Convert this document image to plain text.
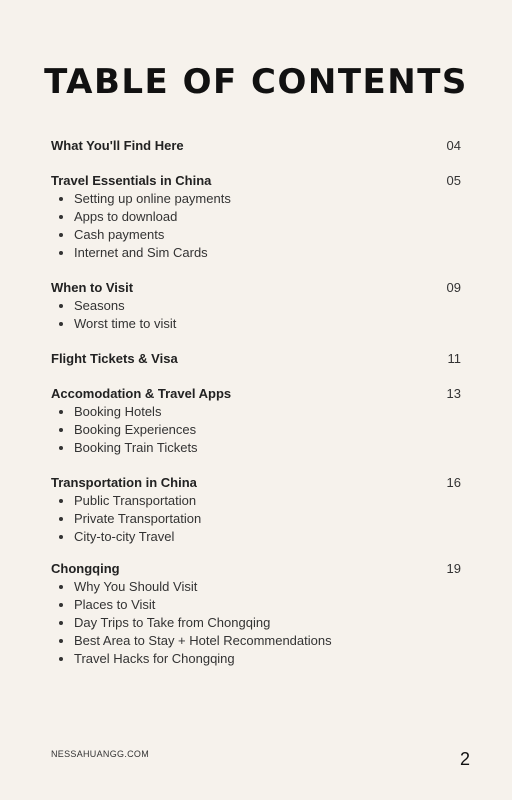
TABLE OF CONTENTS
What You'll Find Here	04
Travel Essentials in China	05
Setting up online payments
Apps to download
Cash payments
Internet and Sim Cards
When to Visit	09
Seasons
Worst time to visit
Flight Tickets & Visa	11
Accomodation & Travel Apps	13
Booking Hotels
Booking Experiences
Booking Train Tickets
Transportation in China	16
Public Transportation
Private Transportation
City-to-city Travel
Chongqing	19
Why You Should Visit
Places to Visit
Day Trips to Take from Chongqing
Best Area to Stay + Hotel Recommendations
Travel Hacks for Chongqing
NESSAHUANGG.COM	2
